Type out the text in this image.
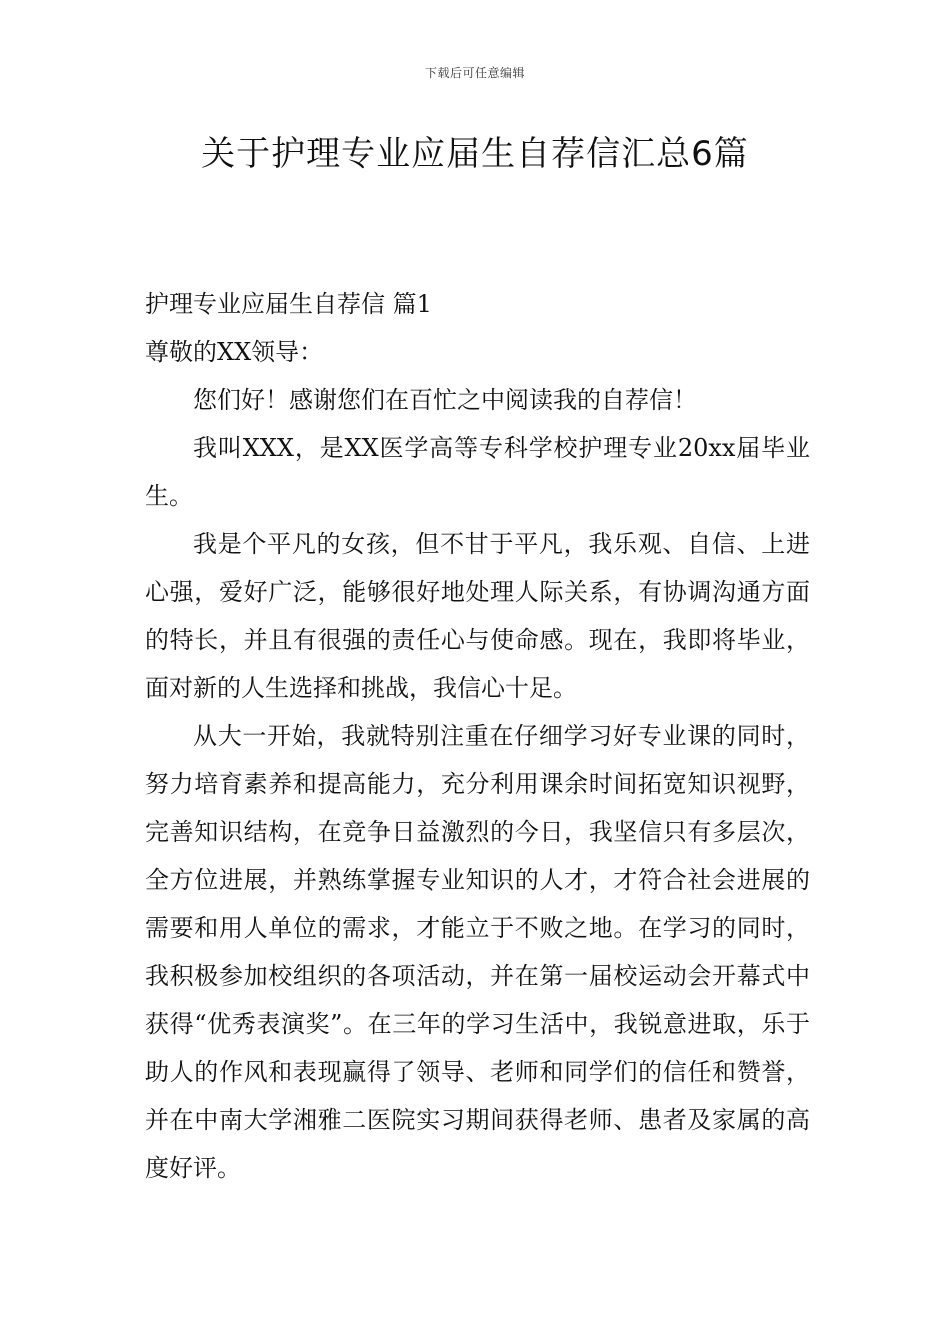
下载后可任意编辑
关于护理专业应届生自荐信汇总6篇

护理专业应届生自荐信 篇1

尊敬的XX领导：

您们好！感谢您们在百忙之中阅读我的自荐信！

我叫XXX，是XX医学高等专科学校护理专业20xx届毕业生。

我是个平凡的女孩，但不甘于平凡，我乐观、自信、上进心强，爱好广泛，能够很好地处理人际关系，有协调沟通方面的特长，并且有很强的责任心与使命感。现在，我即将毕业，面对新的人生选择和挑战，我信心十足。

从大一开始，我就特别注重在仔细学习好专业课的同时，努力培育素养和提高能力，充分利用课余时间拓宽知识视野，完善知识结构，在竞争日益激烈的今日，我坚信只有多层次，全方位进展，并熟练掌握专业知识的人才，才符合社会进展的需要和用人单位的需求，才能立于不败之地。在学习的同时，我积极参加校组织的各项活动，并在第一届校运动会开幕式中获得“优秀表演奖”。在三年的学习生活中，我锐意进取，乐于助人的作风和表现赢得了领导、老师和同学们的信任和赞誉，并在中南大学湘雅二医院实习期间获得老师、患者及家属的高度好评。
